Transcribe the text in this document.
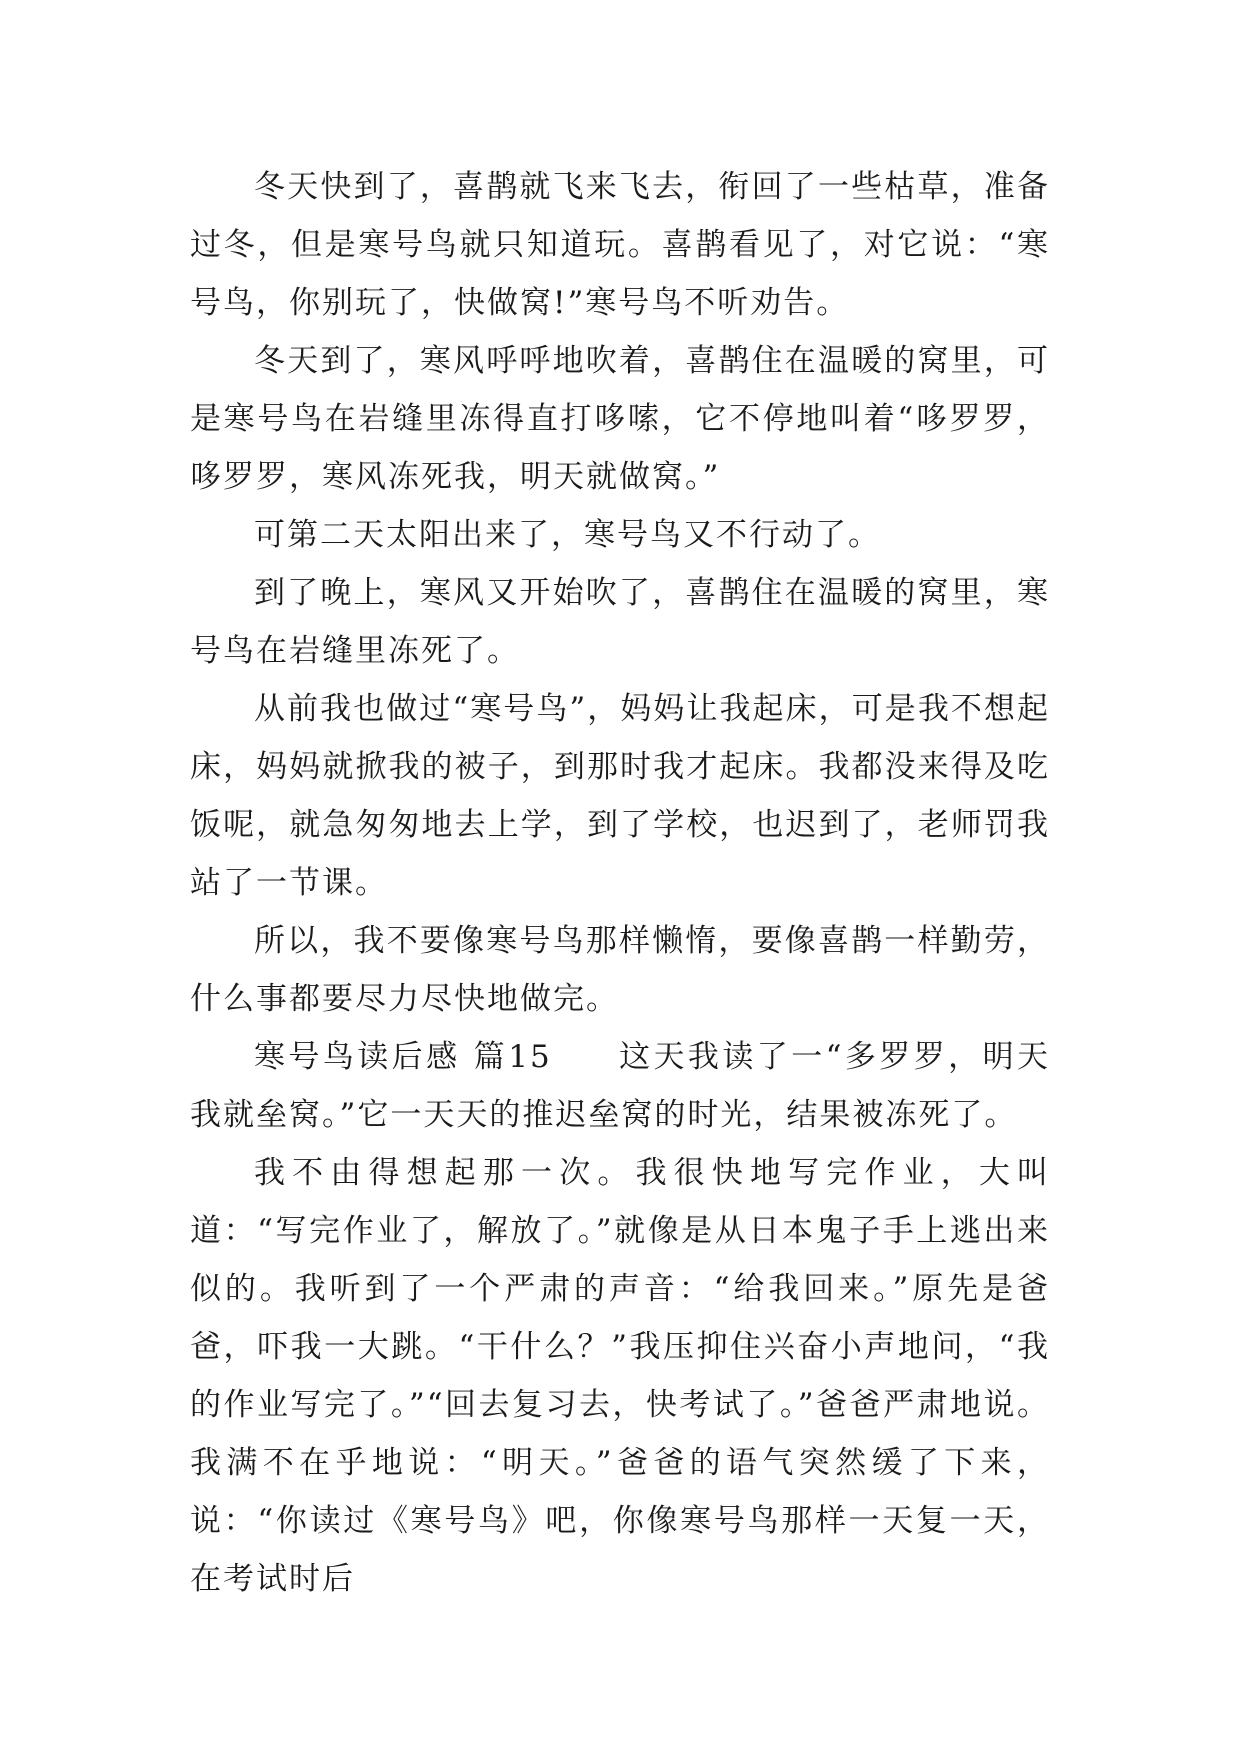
冬天快到了，喜鹊就飞来飞去，衔回了一些枯草，准备过冬，但是寒号鸟就只知道玩。喜鹊看见了，对它说：“寒号鸟，你别玩了，快做窝!”寒号鸟不听劝告。

冬天到了，寒风呼呼地吹着，喜鹊住在温暖的窝里，可是寒号鸟在岩缝里冻得直打哆嗦，它不停地叫着“哆罗罗，哆罗罗，寒风冻死我，明天就做窝。”

可第二天太阳出来了，寒号鸟又不行动了。

到了晚上，寒风又开始吹了，喜鹊住在温暖的窝里，寒号鸟在岩缝里冻死了。

从前我也做过“寒号鸟”，妈妈让我起床，可是我不想起床，妈妈就掀我的被子，到那时我才起床。我都没来得及吃饭呢，就急匆匆地去上学，到了学校，也迟到了，老师罚我站了一节课。

所以，我不要像寒号鸟那样懒惰，要像喜鹊一样勤劳，什么事都要尽力尽快地做完。

寒号鸟读后感 篇15 这天我读了一“多罗罗，明天我就垒窝。”它一天天的推迟垒窝的时光，结果被冻死了。

我不由得想起那一次。我很快地写完作业，大叫道：“写完作业了，解放了。”就像是从日本鬼子手上逃出来似的。我听到了一个严肃的声音：“给我回来。”原先是爸爸，吓我一大跳。“干什么？”我压抑住兴奋小声地问，“我的作业写完了。”“回去复习去，快考试了。”爸爸严肃地说。我满不在乎地说：“明天。”爸爸的语气突然缓了下来，说：“你读过《寒号鸟》吧，你像寒号鸟那样一天复一天，在考试时后
